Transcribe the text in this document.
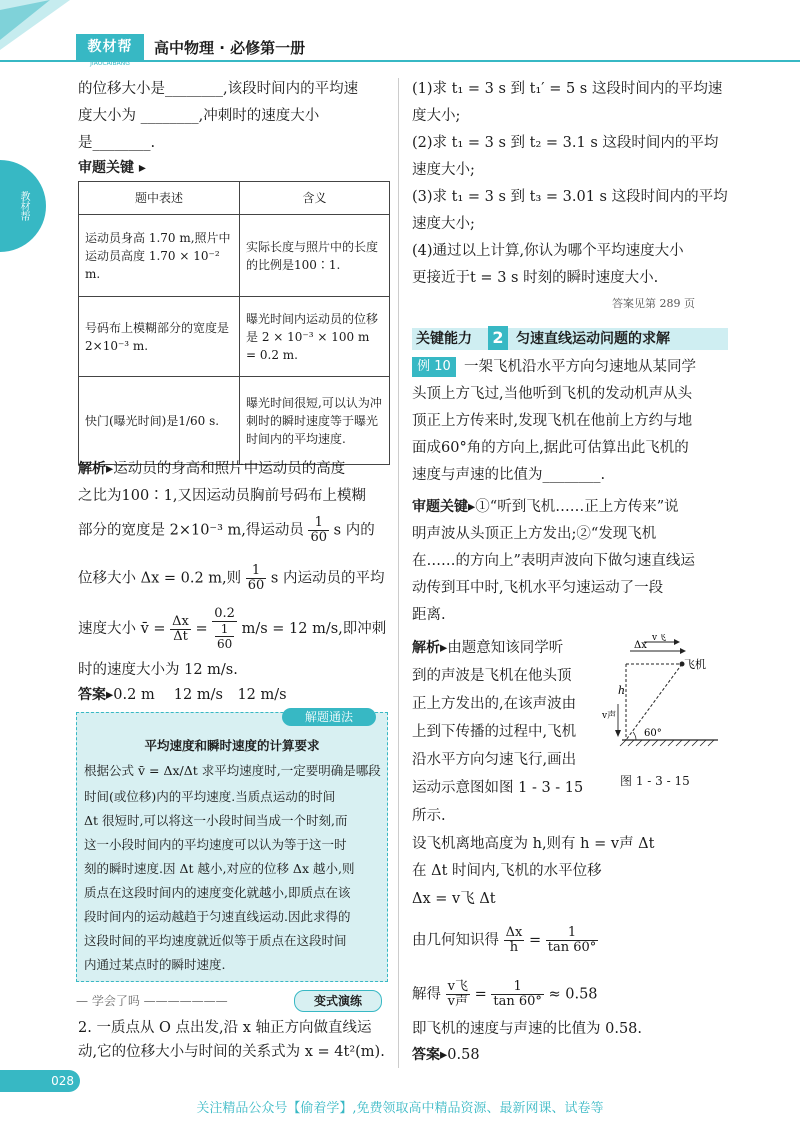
教材帮
JIAOCAIBANG
高中物理 · 必修第一册
教材帮
的位移大小是________,该段时间内的平均速
度大小为 ________,冲刺时的速度大小
是________.
审题关键 ▸
题中表述	含义
运动员身高 1.70 m,照片中运动员高度 1.70 × 10⁻² m.	实际长度与照片中的长度的比例是100∶1.
号码布上模糊部分的宽度是2×10⁻³ m.	曝光时间内运动员的位移是 2 × 10⁻³ × 100 m = 0.2 m.
快门(曝光时间)是1/60 s.	曝光时间很短,可以认为冲刺时的瞬时速度等于曝光时间内的平均速度.
解析▸运动员的身高和照片中运动员的高度
之比为100∶1,又因运动员胸前号码布上模糊
部分的宽度是 2×10⁻³ m,得运动员 $\frac{1}{60}$ s 内的
位移大小 Δx = 0.2 m,则 $\frac{1}{60}$ s 内运动员的平均
速度大小 v̄ = $\frac{\Delta x}{\Delta t} = \frac{0.2}{\frac{1}{60}} m/s = 12$ m/s,即冲刺
时的速度大小为 12 m/s.
答案▸0.2 m　 12 m/s　12 m/s
解题通法
平均速度和瞬时速度的计算要求
根据公式 v̄ = Δx/Δt 求平均速度时,一定要明确是哪段
时间(或位移)内的平均速度.当质点运动的时间
Δt 很短时,可以将这一小段时间当成一个时刻,而
这一小段时间内的平均速度可以认为等于这一时
刻的瞬时速度.因 Δt 越小,对应的位移 Δx 越小,则
质点在这段时间内的速度变化就越小,即质点在该
段时间内的运动越趋于匀速直线运动.因此求得的
这段时间的平均速度就近似等于质点在这段时间
内通过某点时的瞬时速度.
— 学会了吗 ———————	变式演练
2. 一质点从 O 点出发,沿 x 轴正方向做直线运
动,它的位移大小与时间的关系式为 x = 4t²(m).
(1)求 t₁ = 3 s 到 t₁′ = 5 s 这段时间内的平均速
度大小;
(2)求 t₁ = 3 s 到 t₂ = 3.1 s 这段时间内的平均
速度大小;
(3)求 t₁ = 3 s 到 t₃ = 3.01 s 这段时间内的平均
速度大小;
(4)通过以上计算,你认为哪个平均速度大小
更接近于t = 3 s 时刻的瞬时速度大小.
答案见第 289 页
关键能力 2 匀速直线运动问题的求解
例 10 一架飞机沿水平方向匀速地从某同学
头顶上方飞过,当他听到飞机的发动机声从头
顶正上方传来时,发现飞机在他前上方约与地
面成60°角的方向上,据此可估算出此飞机的
速度与声速的比值为________.
审题关键▸①“听到飞机……正上方传来”说
明声波从头顶正上方发出;②“发现飞机
在……的方向上”表明声波向下做匀速直线运
动传到耳中时,飞机水平匀速运动了一段
距离.
解析▸由题意知该同学听
到的声波是飞机在他头顶
正上方发出的,在该声波由
上到下传播的过程中,飞机
沿水平方向匀速飞行,画出
运动示意图如图 1 - 3 - 15
所示.
v飞
Δx
飞机
h
v声
60°
图 1 - 3 - 15
设飞机离地高度为 h,则有 h = v声 Δt
在 Δt 时间内,飞机的水平位移
Δx = v飞 Δt
由几何知识得 $\frac{\Delta x}{h} = \frac{1}{\tan 60^\circ}$
解得 $\frac{\text{v飞}}{\text{v声}} = \frac{1}{\tan 60^\circ} \approx 0.58$
即飞机的速度与声速的比值为 0.58.
答案▸0.58
028
关注精品公众号【偷着学】,免费领取高中精品资源、最新网课、试卷等
